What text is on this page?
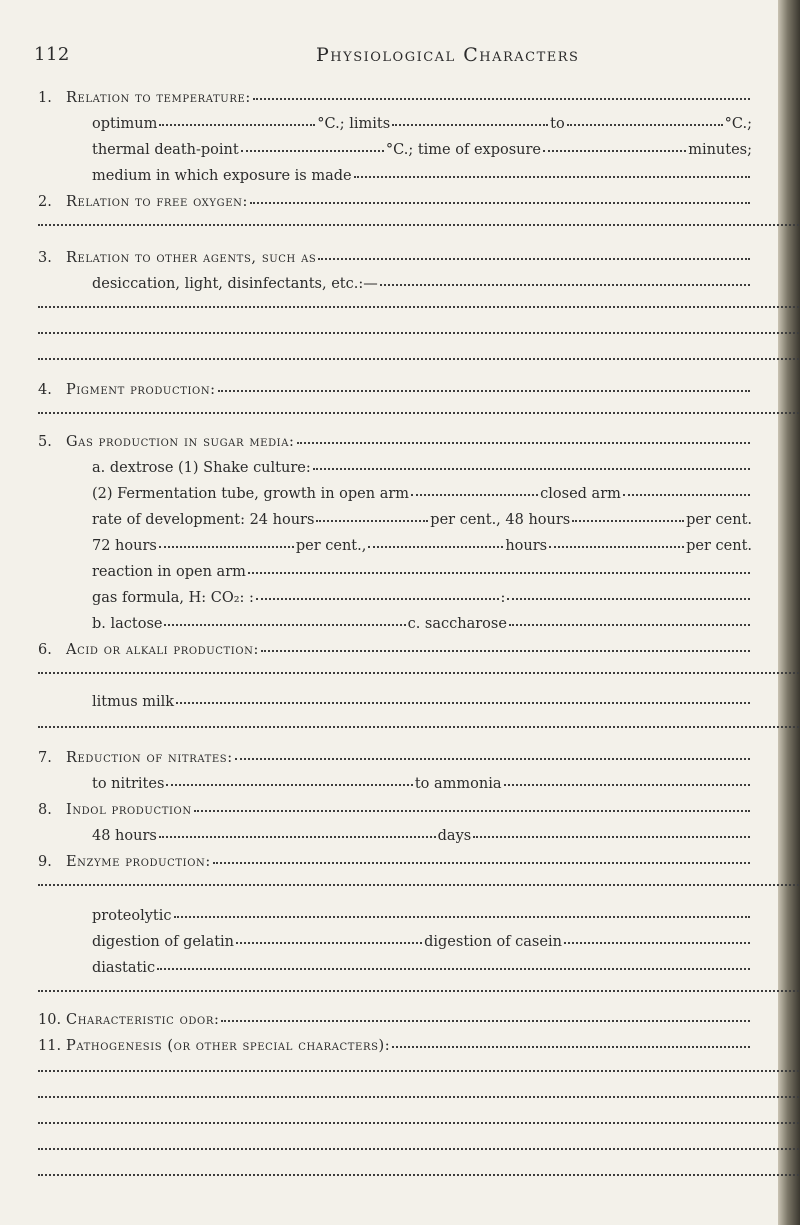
112	Physiological Characters
1. Relation to temperature:
optimum	°C.; limits	to	°C.;
thermal death-point	°C.; time of exposure	minutes;
medium in which exposure is made
2. Relation to free oxygen:
3. Relation to other agents, such as
desiccation, light, disinfectants, etc.:—
4. Pigment production:
5. Gas production in sugar media:
a. dextrose (1) Shake culture:
(2) Fermentation tube, growth in open arm	closed arm
rate of development: 24 hours	per cent., 48 hours	per cent.
72 hours	per cent.,	hours	per cent.
reaction in open arm
gas formula, H: CO₂: :	:
b. lactose	c. saccharose
6. Acid or alkali production:
litmus milk
7. Reduction of nitrates:
to nitrites	to ammonia
8. Indol production
48 hours	days
9. Enzyme production:
proteolytic
digestion of gelatin	digestion of casein
diastatic
10. Characteristic odor:
11. Pathogenesis (or other special characters):
